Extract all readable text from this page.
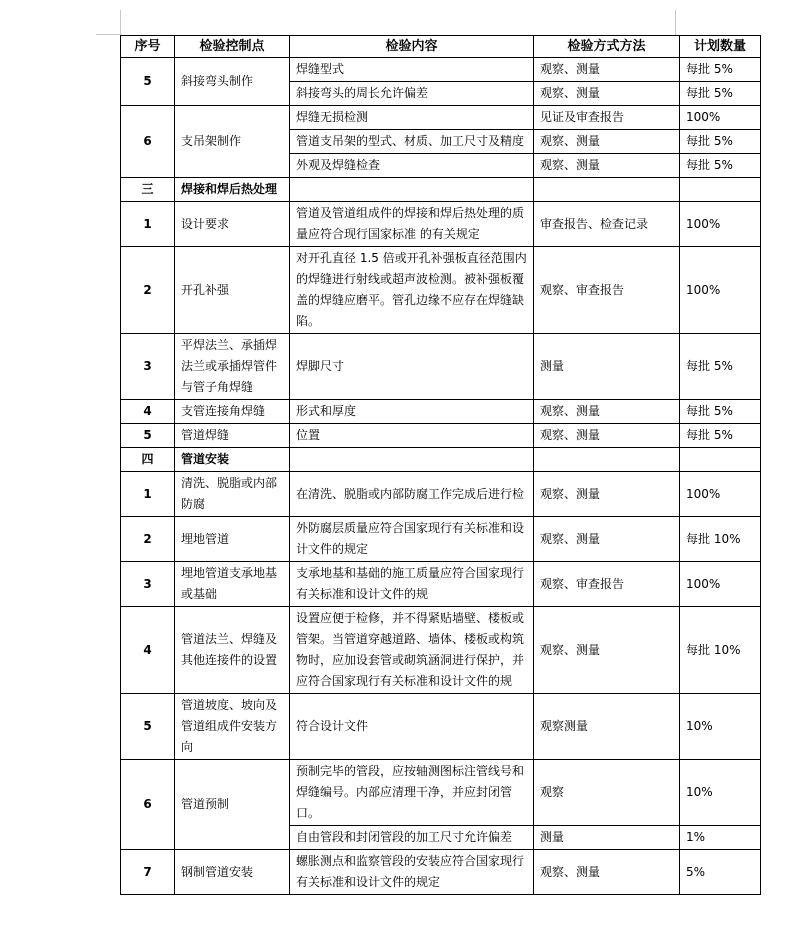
序号	检验控制点	检验内容	检验方式方法	计划数量
5	斜接弯头制作	焊缝型式	观察、测量	每批 5%
		斜接弯头的周长允许偏差	观察、测量	每批 5%
6	支吊架制作	焊缝无损检测	见证及审查报告	100%
		管道支吊架的型式、材质、加工尺寸及精度	观察、测量	每批 5%
		外观及焊缝检查	观察、测量	每批 5%
三	焊接和焊后热处理			
1	设计要求	管道及管道组成件的焊接和焊后热处理的质量应符合现行国家标准 的有关规定	审查报告、检查记录	100%
2	开孔补强	对开孔直径 1.5 倍或开孔补强板直径范围内的焊缝进行射线或超声波检测。被补强板覆盖的焊缝应磨平。管孔边缘不应存在焊缝缺陷。	观察、审查报告	100%
3	平焊法兰、承插焊法兰或承插焊管件与管子角焊缝	焊脚尺寸	测量	每批 5%
4	支管连接角焊缝	形式和厚度	观察、测量	每批 5%
5	管道焊缝	位置	观察、测量	每批 5%
四	管道安装			
1	清洗、脱脂或内部防腐	在清洗、脱脂或内部防腐工作完成后进行检	观察、测量	100%
2	埋地管道	外防腐层质量应符合国家现行有关标准和设计文件的规定	观察、测量	每批 10%
3	埋地管道支承地基或基础	支承地基和基础的施工质量应符合国家现行有关标准和设计文件的规	观察、审查报告	100%
4	管道法兰、焊缝及其他连接件的设置	设置应便于检修，并不得紧贴墙壁、楼板或管架。当管道穿越道路、墙体、楼板或构筑物时，应加设套管或砌筑涵洞进行保护，并应符合国家现行有关标准和设计文件的规	观察、测量	每批 10%
5	管道坡度、坡向及管道组成件安装方向	符合设计文件	观察测量	10%
6	管道预制	预制完毕的管段，应按轴测图标注管线号和焊缝编号。内部应清理干净，并应封闭管口。	观察	10%
		自由管段和封闭管段的加工尺寸允许偏差	测量	1%
7	钢制管道安装	螺胀测点和监察管段的安装应符合国家现行有关标准和设计文件的规定	观察、测量	5%
